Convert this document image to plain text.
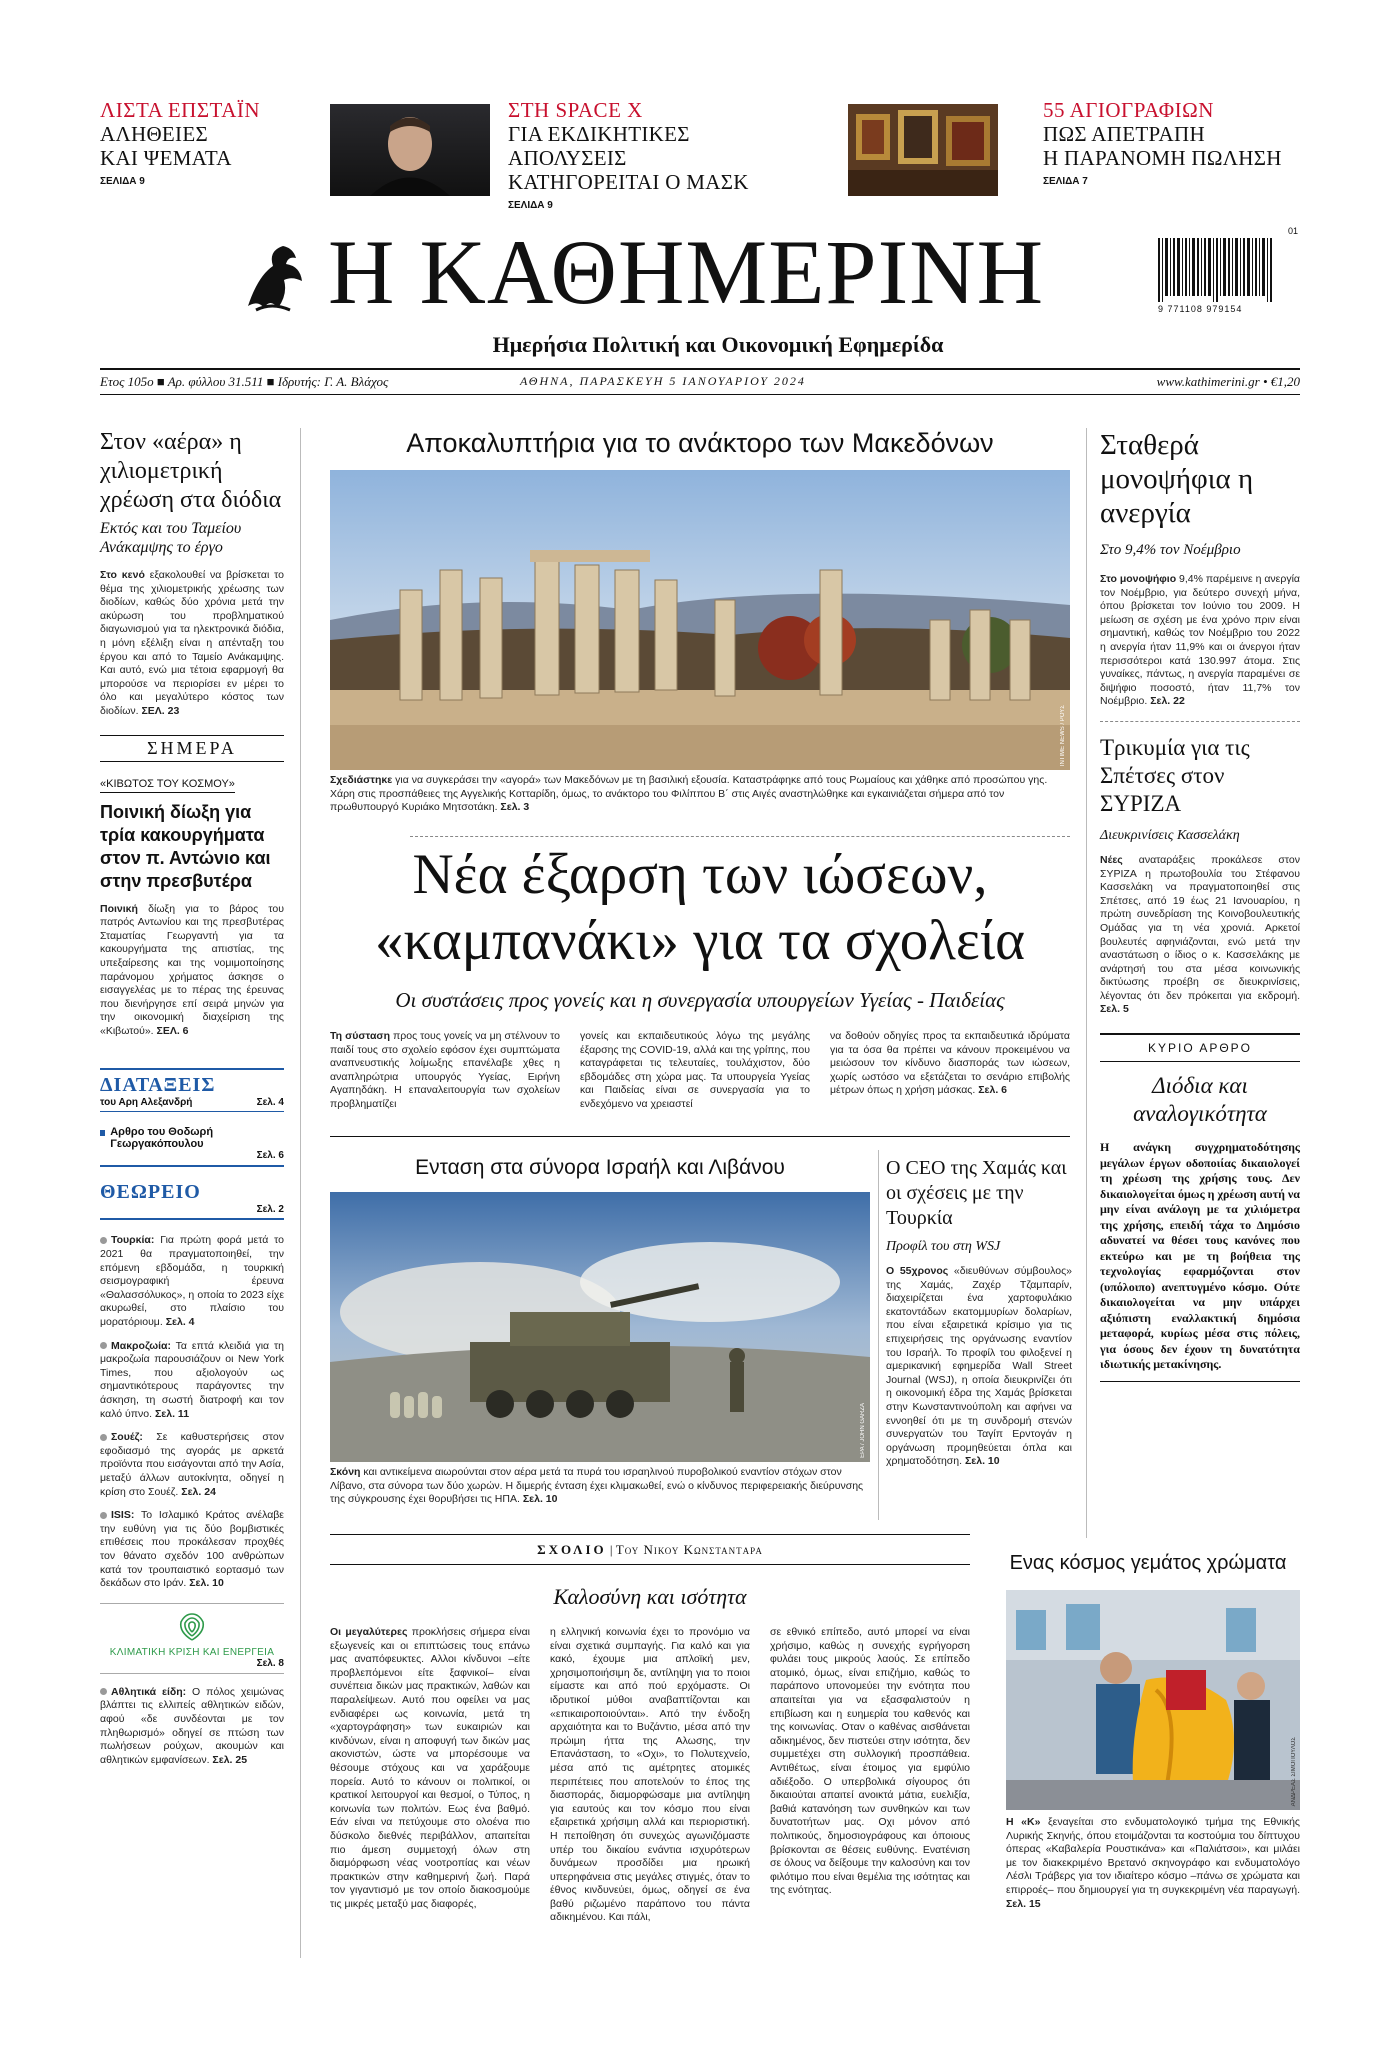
ΛΙΣΤΑ ΕΠΣΤΑΪΝ
ΑΛΗΘΕΙΕΣ
ΚΑΙ ΨΕΜΑΤΑ
ΣΕΛΙΔΑ 9
ΣΤΗ SPACE X
ΓΙΑ ΕΚΔΙΚΗΤΙΚΕΣ ΑΠΟΛΥΣΕΙΣ
ΚΑΤΗΓΟΡΕΙΤΑΙ Ο ΜΑΣΚ
ΣΕΛΙΔΑ 9
55 ΑΓΙΟΓΡΑΦΙΩΝ
ΠΩΣ ΑΠΕΤΡΑΠΗ
Η ΠΑΡΑΝΟΜΗ ΠΩΛΗΣΗ
ΣΕΛΙΔΑ 7
Η ΚΑΘΗΜΕΡΙΝΗ	01
9 771108 979154
Ημερήσια Πολιτική και Οικονομική Εφημερίδα
Ετος 105ο ■ Αρ. φύλλου 31.511 ■ Ιδρυτής: Γ. Α. Βλάχος	ΑΘΗΝΑ, ΠΑΡΑΣΚΕΥΗ 5 ΙΑΝΟΥΑΡΙΟΥ 2024	www.kathimerini.gr • €1,20
Στον «αέρα» η χιλιομετρική χρέωση στα διόδια
Εκτός και του Ταμείου Ανάκαμψης το έργο
Στο κενό εξακολουθεί να βρίσκεται το θέμα της χιλιομετρικής χρέωσης των διοδίων, καθώς δύο χρόνια μετά την ακύρωση του προβληματικού διαγωνισμού για τα ηλεκτρονικά διόδια, η μόνη εξέλιξη είναι η απένταξη του έργου και από το Ταμείο Ανάκαμψης. Και αυτό, ενώ μια τέτοια εφαρμογή θα μπορούσε να περιορίσει εν μέρει το όλο και μεγαλύτερο κόστος των διοδίων. ΣΕΛ. 23
ΣΗΜΕΡΑ
«ΚΙΒΩΤΟΣ ΤΟΥ ΚΟΣΜΟΥ»
Ποινική δίωξη για τρία κακουργήματα στον π. Αντώνιο και στην πρεσβυτέρα
Ποινική δίωξη για το βάρος του πατρός Αντωνίου και της πρεσβυτέρας Σταματίας Γεωργαντή για τα κακουργήματα της απιστίας, της υπεξαίρεσης και της νομιμοποίησης παράνομου χρήματος άσκησε ο εισαγγελέας με το πέρας της έρευνας που διενήργησε επί σειρά μηνών για την οικονομική διαχείριση της «Κιβωτού». ΣΕΛ. 6
ΔΙΑΤΑΞΕΙΣ
του Αρη Αλεξανδρή	Σελ. 4
Αρθρο του Θοδωρή Γεωργακόπουλου
Σελ. 6
ΘΕΩΡΕΙΟ
Σελ. 2
Τουρκία: Για πρώτη φορά μετά το 2021 θα πραγματοποιηθεί, την επόμενη εβδομάδα, η τουρκική σεισμογραφική έρευνα «Θαλασσόλυκος», η οποία το 2023 είχε ακυρωθεί, στο πλαίσιο του μορατόριουμ. Σελ. 4
Μακροζωία: Τα επτά κλειδιά για τη μακροζωία παρουσιάζουν οι New York Times, που αξιολογούν ως σημαντικότερους παράγοντες την άσκηση, τη σωστή διατροφή και τον καλό ύπνο. Σελ. 11
Σουέζ: Σε καθυστερήσεις στον εφοδιασμό της αγοράς με αρκετά προϊόντα που εισάγονται από την Ασία, μεταξύ άλλων αυτοκίνητα, οδηγεί η κρίση στο Σουέζ. Σελ. 24
ISIS: Το Ισλαμικό Κράτος ανέλαβε την ευθύνη για τις δύο βομβιστικές επιθέσεις που προκάλεσαν προχθές τον θάνατο σχεδόν 100 ανθρώπων κατά τον τρουπαιστικό εορτασμό των δεκάδων στο Ιράν. Σελ. 10
ΚΛΙΜΑΤΙΚΗ ΚΡΙΣΗ ΚΑΙ ΕΝΕΡΓΕΙΑ
Σελ. 8
Αθλητικά είδη: Ο πόλος χειμώνας βλάπτει τις ελλιπείς αθλητικών ειδών, αφού «δε συνδέονται με τον πληθωρισμό» οδηγεί σε πτώση των πωλήσεων ρούχων, ακουμών και αθλητικών εμφανίσεων. Σελ. 25
Αποκαλυπτήρια για το ανάκτορο των Μακεδόνων
INTIME NEWS / ΡΟΥΣ
Σχεδιάστηκε για να συγκεράσει την «αγορά» των Μακεδόνων με τη βασιλική εξουσία. Καταστράφηκε από τους Ρωμαίους και χάθηκε από προσώπου γης. Χάρη στις προσπάθειες της Αγγελικής Κοτταρίδη, όμως, το ανάκτορο του Φιλίππου Β΄ στις Αιγές αναστηλώθηκε και εγκαινιάζεται σήμερα από τον πρωθυπουργό Κυριάκο Μητσοτάκη. Σελ. 3
Νέα έξαρση των ιώσεων,
«καμπανάκι» για τα σχολεία
Οι συστάσεις προς γονείς και η συνεργασία υπουργείων Υγείας - Παιδείας
Τη σύσταση προς τους γονείς να μη στέλνουν το παιδί τους στο σχολείο εφόσον έχει συμπτώματα αναπνευστικής λοίμωξης επανέλαβε χθες η αναπληρώτρια υπουργός Υγείας, Ειρήνη Αγαπηδάκη. Η επαναλειτουργία των σχολείων προβληματίζει
γονείς και εκπαιδευτικούς λόγω της μεγάλης έξαρσης της COVID-19, αλλά και της γρίπης, που καταγράφεται τις τελευταίες, τουλάχιστον, δύο εβδομάδες στη χώρα μας. Τα υπουργεία Υγείας και Παιδείας είναι σε συνεργασία για το ενδεχόμενο να χρειαστεί
να δοθούν οδηγίες προς τα εκπαιδευτικά ιδρύματα για τα όσα θα πρέπει να κάνουν προκειμένου να μειώσουν τον κίνδυνο διασποράς των ιώσεων, χωρίς ωστόσο να εξετάζεται το σενάριο επιβολής μέτρων όπως η χρήση μάσκας. Σελ. 6
Ενταση στα σύνορα Ισραήλ και Λιβάνου
EPA / JOHN GARZA
Σκόνη και αντικείμενα αιωρούνται στον αέρα μετά τα πυρά του ισραηλινού πυροβολικού εναντίον στόχων στον Λίβανο, στα σύνορα των δύο χωρών. Η διμερής ένταση έχει κλιμακωθεί, ενώ ο κίνδυνος περιφερειακής διεύρυνσης της σύγκρουσης έχει θορυβήσει τις ΗΠΑ. Σελ. 10
Ο CEO της Χαμάς και οι σχέσεις με την Τουρκία
Προφίλ του στη WSJ
Ο 55χρονος «διευθύνων σύμβουλος» της Χαμάς, Ζαχέρ Τζαμπαρίν, διαχειρίζεται ένα χαρτοφυλάκιο εκατοντάδων εκατομμυρίων δολαρίων, που είναι εξαιρετικά κρίσιμο για τις επιχειρήσεις της οργάνωσης εναντίον του Ισραήλ. Το προφίλ του φιλοξενεί η αμερικανική εφημερίδα Wall Street Journal (WSJ), η οποία διευκρινίζει ότι η οικονομική έδρα της Χαμάς βρίσκεται στην Κωνσταντινούπολη και αφήνει να εννοηθεί ότι με τη συνδρομή στενών συνεργατών του Ταγίπ Ερντογάν η οργάνωση προμηθεύεται όπλα και χρηματοδότηση. Σελ. 10
Σταθερά μονοψήφια η ανεργία
Στο 9,4% τον Νοέμβριο
Στο μονοψήφιο 9,4% παρέμεινε η ανεργία τον Νοέμβριο, για δεύτερο συνεχή μήνα, όπου βρίσκεται τον Ιούνιο του 2009. Η μείωση σε σχέση με ένα χρόνο πριν είναι σημαντική, καθώς τον Νοέμβριο του 2022 η ανεργία ήταν 11,9% και οι άνεργοι ήταν περισσότεροι κατά 130.997 άτομα. Στις γυναίκες, πάντως, η ανεργία παραμένει σε διψήφιο ποσοστό, ήταν 11,7% τον Νοέμβριο. Σελ. 22
Τρικυμία για τις Σπέτσες στον ΣΥΡΙΖΑ
Διευκρινίσεις Κασσελάκη
Νέες αναταράξεις προκάλεσε στον ΣΥΡΙΖΑ η πρωτοβουλία του Στέφανου Κασσελάκη να πραγματοποιηθεί στις Σπέτσες, από 19 έως 21 Ιανουαρίου, η πρώτη συνεδρίαση της Κοινοβουλευτικής Ομάδας για τη νέα χρονιά. Αρκετοί βουλευτές αφηνιάζονται, ενώ μετά την αναστάτωση ο ίδιος ο κ. Κασσελάκης με ανάρτησή του στα μέσα κοινωνικής δικτύωσης προέβη σε διευκρινίσεις, λέγοντας ότι δεν πρόκειται για εκδρομή. Σελ. 5
ΚΥΡΙΟ ΑΡΘΡΟ
Διόδια και αναλογικότητα
Η ανάγκη συγχρηματοδότησης μεγάλων έργων οδοποιίας δικαιολογεί τη χρέωση της χρήσης τους. Δεν δικαιολογείται όμως η χρέωση αυτή να μην είναι ανάλογη με τα χιλιόμετρα της χρήσης, επειδή τάχα το Δημόσιο αδυνατεί να θέσει τους κανόνες που εκτεύρω και με τη βοήθεια της τεχνολογίας εφαρμόζονται στον (υπόλοιπο) ανεπτυγμένο κόσμο. Ούτε δικαιολογείται να μην υπάρχει αξιόπιστη εναλλακτική δημόσια μεταφορά, κυρίως μέσα στις πόλεις, για όσους δεν έχουν τη δυνατότητα ιδιωτικής μετακίνησης.
ΣΧΟΛΙΟ | Του Νικου Κωνσταντaρα
Καλοσύνη και ισότητα
Οι μεγαλύτερες προκλήσεις σήμερα είναι εξωγενείς και οι επιπτώσεις τους επάνω μας αναπόφευκτες. Αλλοι κίνδυνοι –είτε προβλεπόμενοι είτε ξαφνικοί– είναι συνέπεια δικών μας πρακτικών, λαθών και παραλείψεων. Αυτό που οφείλει να μας ενδιαφέρει ως κοινωνία, μετά τη «χαρτογράφηση» των ευκαιριών και κινδύνων, είναι η αποφυγή των δικών μας ακονιστών, ώστε να μπορέσουμε να θέσουμε στόχους και να χαράξουμε πορεία. Αυτό το κάνουν οι πολιτικοί, οι κρατικοί λειτουργοί και θεσμοί, ο Τύπος, η κοινωνία των πολιτών. Εως ένα βαθμό. Εάν είναι να πετύχουμε στο ολοένα πιο δύσκολο διεθνές περιβάλλον, απαιτείται πιο άμεση συμμετοχή όλων στη διαμόρφωση νέας νοοτροπίας και νέων πρακτικών στην καθημερινή ζωή. Παρά τον γιγαντισμό με τον οποίο διακοσμούμε τις μικρές μεταξύ μας διαφορές,
η ελληνική κοινωνία έχει το προνόμιο να είναι σχετικά συμπαγής. Για καλό και για κακό, έχουμε μια απλοϊκή μεν, χρησιμοποιήσιμη δε, αντίληψη για το ποιοι είμαστε και από πού ερχόμαστε. Οι ιδρυτικοί μύθοι αναβαπτίζονται και «επικαιροποιούνται». Από την ένδοξη αρχαιότητα και το Βυζάντιο, μέσα από την πρώιμη ήττα της Αλωσης, την Επανάσταση, το «Οχι», το Πολυτεχνείο, μέσα από τις αμέτρητες ατομικές περιπέτειες που αποτελούν το έπος της διασποράς, διαμορφώσαμε μια αντίληψη για εαυτούς και τον κόσμο που είναι εξαιρετικά χρήσιμη αλλά και περιοριστική. Η πεποίθηση ότι συνεχώς αγωνιζόμαστε υπέρ του δικαίου ενάντια ισχυρότερων δυνάμεων προσδίδει μια ηρωική υπερηφάνεια στις μεγάλες στιγμές, όταν το έθνος κινδυνεύει, όμως, οδηγεί σε ένα βαθύ ριζωμένο παράπονο του πάντα αδικημένου. Και πάλι,
σε εθνικό επίπεδο, αυτό μπορεί να είναι χρήσιμο, καθώς η συνεχής εγρήγορση φυλάει τους μικρούς λαούς. Σε επίπεδο ατομικό, όμως, είναι επιζήμιο, καθώς το παράπονο υπονομεύει την ενότητα που απαιτείται για να εξασφαλιστούν η επιβίωση και η ευημερία του καθενός και της κοινωνίας. Οταν ο καθένας αισθάνεται αδικημένος, δεν πιστεύει στην ισότητα, δεν συμμετέχει στη συλλογική προσπάθεια. Αντιθέτως, είναι έτοιμος για εμφύλιο αδιέξοδο. Ο υπερβολικά σίγουρος ότι δικαιούται απαιτεί ανοικτά μάτια, ευελιξία, βαθιά κατανόηση των συνθηκών και των δυνατοτήτων μας. Οχι μόνον από πολιτικούς, δημοσιογράφους και όποιους βρίσκονται σε θέσεις ευθύνης. Ενατένιση σε όλους να δείξουμε την καλοσύνη και τον φιλότιμο που είναι θεμέλια της ισότητας και της ενότητας.
Ενας κόσμος γεμάτος χρώματα
ΑΝΔΡΕΑΣ ΣΙΜΟΠΟΥΛΟΣ
Η «Κ» ξεναγείται στο ενδυματολογικό τμήμα της Εθνικής Λυρικής Σκηνής, όπου ετοιμάζονται τα κοστούμια του δίπτυχου όπερας «Καβαλερία Ρουστικάνα» και «Παλιάτσοι», και μιλάει με τον διακεκριμένο Βρετανό σκηνογράφο και ενδυματολόγο Λέσλι Τράβερς για τον ιδιαίτερο κόσμο –πάνω σε χρώματα και επιρροές– που δημιουργεί για τη συγκεκριμένη νέα παραγωγή. Σελ. 15
